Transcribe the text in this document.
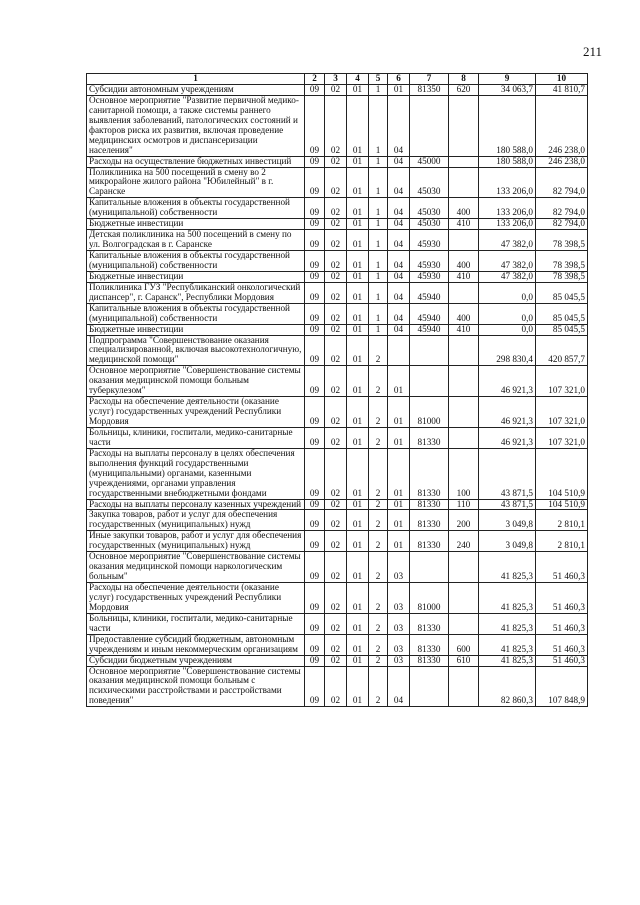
211
1	2	3	4	5	6	7	8	9	10
Субсидии автономным учреждениям	09	02	01	1	01	81350	620	34 063,7	41 810,7
Основное мероприятие "Развитие первичной медико-санитарной помощи, а также системы раннего выявления заболеваний, патологических состояний и факторов риска их развития, включая проведение медицинских осмотров и диспансеризации населения"	09	02	01	1	04			180 588,0	246 238,0
Расходы на осуществление бюджетных инвестиций	09	02	01	1	04	45000		180 588,0	246 238,0
Поликлиника на 500 посещений в смену во 2 микрорайоне жилого района "Юбилейный" в г. Саранске	09	02	01	1	04	45030		133 206,0	82 794,0
Капитальные вложения в объекты государственной (муниципальной) собственности	09	02	01	1	04	45030	400	133 206,0	82 794,0
Бюджетные инвестиции	09	02	01	1	04	45030	410	133 206,0	82 794,0
Детская поликлиника на 500 посещений в смену по ул. Волгоградская в г. Саранске	09	02	01	1	04	45930		47 382,0	78 398,5
Капитальные вложения в объекты государственной (муниципальной) собственности	09	02	01	1	04	45930	400	47 382,0	78 398,5
Бюджетные инвестиции	09	02	01	1	04	45930	410	47 382,0	78 398,5
Поликлиника ГУЗ "Республиканский онкологический диспансер", г. Саранск", Республики Мордовия	09	02	01	1	04	45940		0,0	85 045,5
Капитальные вложения в объекты государственной (муниципальной) собственности	09	02	01	1	04	45940	400	0,0	85 045,5
Бюджетные инвестиции	09	02	01	1	04	45940	410	0,0	85 045,5
Подпрограмма "Совершенствование оказания специализированной, включая высокотехнологичную, медицинской помощи"	09	02	01	2				298 830,4	420 857,7
Основное мероприятие "Совершенствование системы оказания медицинской помощи больным туберкулезом"	09	02	01	2	01			46 921,3	107 321,0
Расходы на обеспечение деятельности (оказание услуг) государственных учреждений Республики Мордовия	09	02	01	2	01	81000		46 921,3	107 321,0
Больницы, клиники, госпитали, медико-санитарные части	09	02	01	2	01	81330		46 921,3	107 321,0
Расходы на выплаты персоналу в целях обеспечения выполнения функций государственными (муниципальными) органами, казенными учреждениями, органами управления государственными внебюджетными фондами	09	02	01	2	01	81330	100	43 871,5	104 510,9
Расходы на выплаты персоналу казенных учреждений	09	02	01	2	01	81330	110	43 871,5	104 510,9
Закупка товаров, работ и услуг для обеспечения государственных (муниципальных) нужд	09	02	01	2	01	81330	200	3 049,8	2 810,1
Иные закупки товаров, работ и услуг для обеспечения государственных (муниципальных) нужд	09	02	01	2	01	81330	240	3 049,8	2 810,1
Основное мероприятие "Совершенствование системы оказания медицинской помощи наркологическим больным"	09	02	01	2	03			41 825,3	51 460,3
Расходы на обеспечение деятельности (оказание услуг) государственных учреждений Республики Мордовия	09	02	01	2	03	81000		41 825,3	51 460,3
Больницы, клиники, госпитали, медико-санитарные части	09	02	01	2	03	81330		41 825,3	51 460,3
Предоставление субсидий бюджетным, автономным учреждениям и иным некоммерческим организациям	09	02	01	2	03	81330	600	41 825,3	51 460,3
Субсидии бюджетным учреждениям	09	02	01	2	03	81330	610	41 825,3	51 460,3
Основное мероприятие "Совершенствование системы оказания медицинской помощи больным с психическими расстройствами и расстройствами поведения"	09	02	01	2	04			82 860,3	107 848,9
